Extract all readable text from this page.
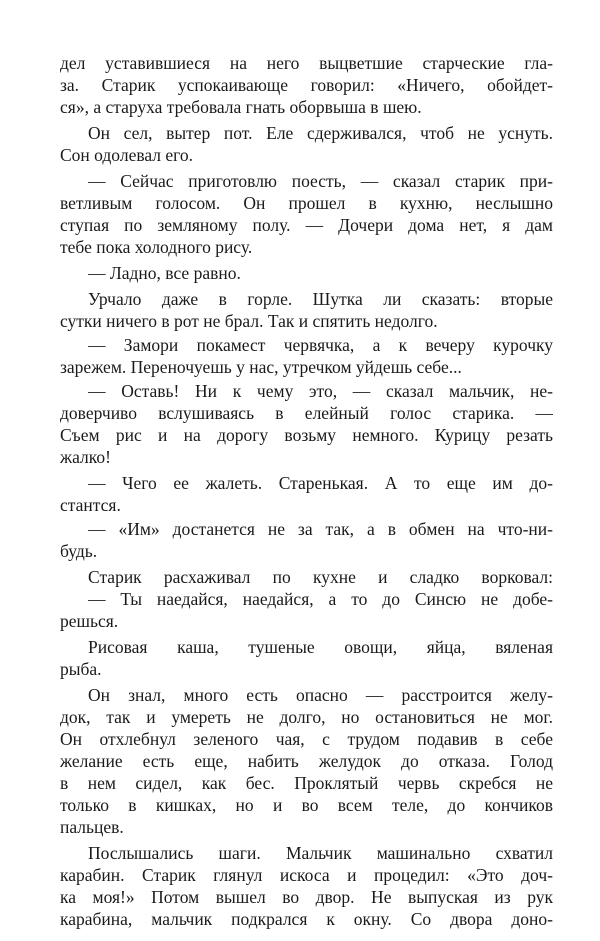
дел уставившиеся на него выцветшие старческие гла-
за. Старик успокаивающе говорил: «Ничего, обойдет-
ся», а старуха требовала гнать оборвыша в шею.
Он сел, вытер пот. Еле сдерживался, чтоб не уснуть.
Сон одолевал его.
— Сейчас приготовлю поесть, — сказал старик при-
ветливым голосом. Он прошел в кухню, неслышно
ступая по земляному полу. — Дочери дома нет, я дам
тебе пока холодного рису.
— Ладно, все равно.
Урчало даже в горле. Шутка ли сказать: вторые
сутки ничего в рот не брал. Так и спятить недолго.
— Замори покамест червячка, а к вечеру курочку
зарежем. Переночуешь у нас, утречком уйдешь себе...
— Оставь! Ни к чему это, — сказал мальчик, не-
доверчиво вслушиваясь в елейный голос старика. —
Съем рис и на дорогу возьму немного. Курицу резать
жалко!
— Чего ее жалеть. Старенькая. А то еще им до-
стантся.
— «Им» достанется не за так, а в обмен на что-ни-
будь.
Старик расхаживал по кухне и сладко ворковал:
— Ты наедайся, наедайся, а то до Синсю не добе-
решься.
Рисовая каша, тушеные овощи, яйца, вяленая
рыба.
Он знал, много есть опасно — расстроится желу-
док, так и умереть не долго, но остановиться не мог.
Он отхлебнул зеленого чая, с трудом подавив в себе
желание есть еще, набить желудок до отказа. Голод
в нем сидел, как бес. Проклятый червь скребся не
только в кишках, но и во всем теле, до кончиков
пальцев.
Послышались шаги. Мальчик машинально схватил
карабин. Старик глянул искоса и процедил: «Это доч-
ка моя!» Потом вышел во двор. Не выпуская из рук
карабина, мальчик подкрался к окну. Со двора доно-
